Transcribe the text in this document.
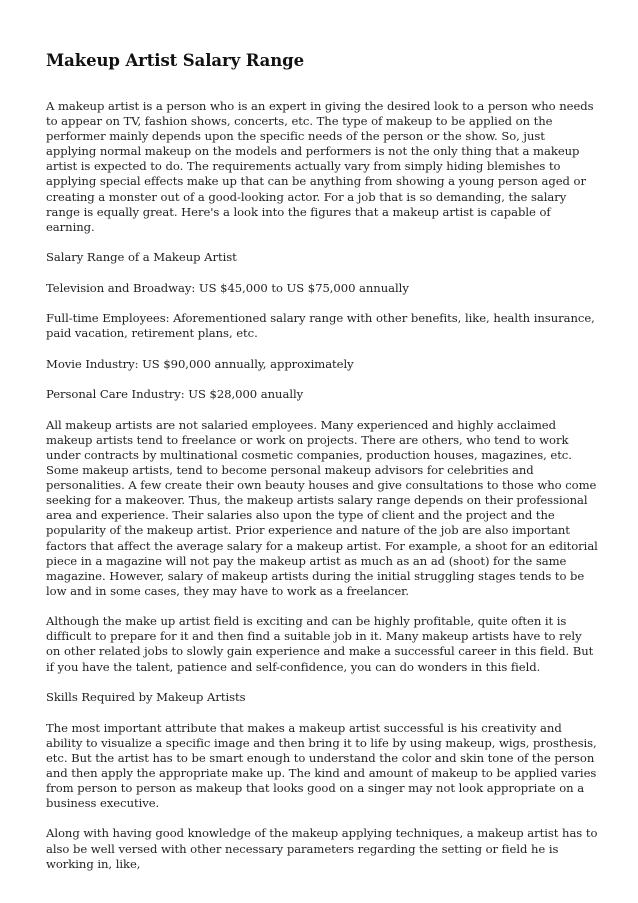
Makeup Artist Salary Range

A makeup artist is a person who is an expert in giving the desired look to a person who needs to appear on TV, fashion shows, concerts, etc. The type of makeup to be applied on the performer mainly depends upon the specific needs of the person or the show. So, just applying normal makeup on the models and performers is not the only thing that a makeup artist is expected to do. The requirements actually vary from simply hiding blemishes to applying special effects make up that can be anything from showing a young person aged or creating a monster out of a good-looking actor. For a job that is so demanding, the salary range is equally great. Here's a look into the figures that a makeup artist is capable of earning.

Salary Range of a Makeup Artist

Television and Broadway: US $45,000 to US $75,000 annually

Full-time Employees: Aforementioned salary range with other benefits, like, health insurance, paid vacation, retirement plans, etc.

Movie Industry: US $90,000 annually, approximately

Personal Care Industry: US $28,000 anually

All makeup artists are not salaried employees. Many experienced and highly acclaimed makeup artists tend to freelance or work on projects. There are others, who tend to work under contracts by multinational cosmetic companies, production houses, magazines, etc. Some makeup artists, tend to become personal makeup advisors for celebrities and personalities. A few create their own beauty houses and give consultations to those who come seeking for a makeover. Thus, the makeup artists salary range depends on their professional area and experience. Their salaries also upon the type of client and the project and the popularity of the makeup artist. Prior experience and nature of the job are also important factors that affect the average salary for a makeup artist. For example, a shoot for an editorial piece in a magazine will not pay the makeup artist as much as an ad (shoot) for the same magazine. However, salary of makeup artists during the initial struggling stages tends to be low and in some cases, they may have to work as a freelancer.

Although the make up artist field is exciting and can be highly profitable, quite often it is difficult to prepare for it and then find a suitable job in it. Many makeup artists have to rely on other related jobs to slowly gain experience and make a successful career in this field. But if you have the talent, patience and self-confidence, you can do wonders in this field.

Skills Required by Makeup Artists

The most important attribute that makes a makeup artist successful is his creativity and ability to visualize a specific image and then bring it to life by using makeup, wigs, prosthesis, etc. But the artist has to be smart enough to understand the color and skin tone of the person and then apply the appropriate make up. The kind and amount of makeup to be applied varies from person to person as makeup that looks good on a singer may not look appropriate on a business executive.

Along with having good knowledge of the makeup applying techniques, a makeup artist has to also be well versed with other necessary parameters regarding the setting or field he is working in, like,
